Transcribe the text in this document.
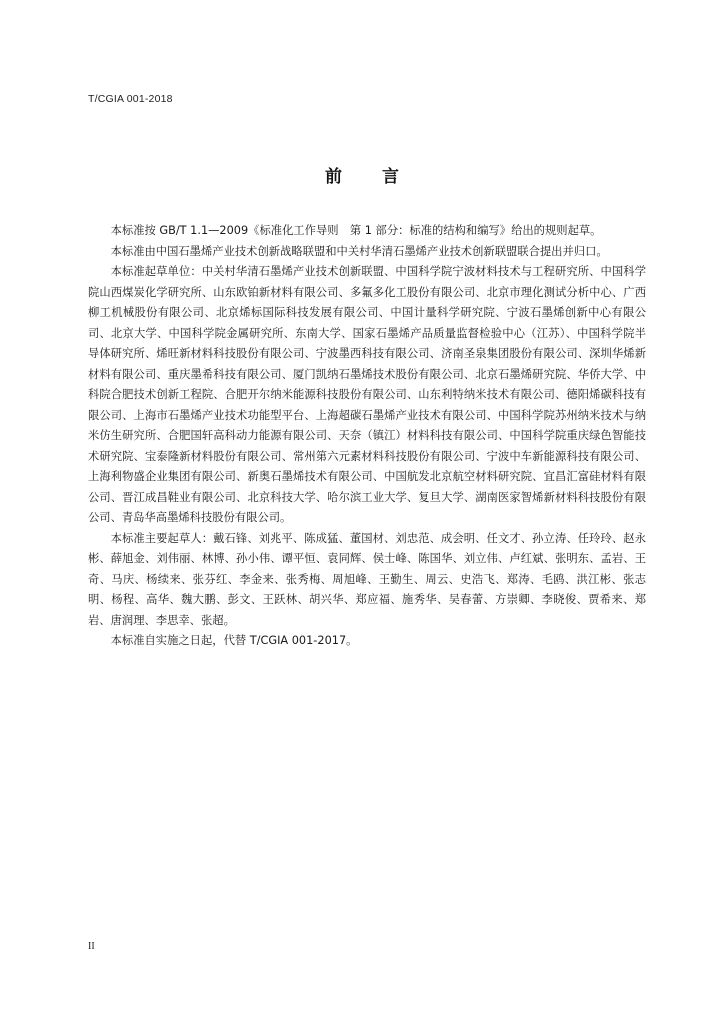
T/CGIA 001-2018
前言

本标准按 GB/T 1.1—2009《标准化工作导则　第 1 部分：标准的结构和编写》给出的规则起草。

本标准由中国石墨烯产业技术创新战略联盟和中关村华清石墨烯产业技术创新联盟联合提出并归口。

本标准起草单位：中关村华清石墨烯产业技术创新联盟、中国科学院宁波材料技术与工程研究所、中国科学院山西煤炭化学研究所、山东欧铂新材料有限公司、多氟多化工股份有限公司、北京市理化测试分析中心、广西柳工机械股份有限公司、北京烯标国际科技发展有限公司、中国计量科学研究院、宁波石墨烯创新中心有限公司、北京大学、中国科学院金属研究所、东南大学、国家石墨烯产品质量监督检验中心（江苏）、中国科学院半导体研究所、烯旺新材料科技股份有限公司、宁波墨西科技有限公司、济南圣泉集团股份有限公司、深圳华烯新材料有限公司、重庆墨希科技有限公司、厦门凯纳石墨烯技术股份有限公司、北京石墨烯研究院、华侨大学、中科院合肥技术创新工程院、合肥开尔纳米能源科技股份有限公司、山东利特纳米技术有限公司、德阳烯碳科技有限公司、上海市石墨烯产业技术功能型平台、上海超碳石墨烯产业技术有限公司、中国科学院苏州纳米技术与纳米仿生研究所、合肥国轩高科动力能源有限公司、天奈（镇江）材料科技有限公司、中国科学院重庆绿色智能技术研究院、宝泰隆新材料股份有限公司、常州第六元素材料科技股份有限公司、宁波中车新能源科技有限公司、上海利物盛企业集团有限公司、新奥石墨烯技术有限公司、中国航发北京航空材料研究院、宜昌汇富硅材料有限公司、晋江成昌鞋业有限公司、北京科技大学、哈尔滨工业大学、复旦大学、湖南医家智烯新材料科技股份有限公司、青岛华高墨烯科技股份有限公司。

本标准主要起草人：戴石锋、刘兆平、陈成猛、董国材、刘忠范、成会明、任文才、孙立涛、任玲玲、赵永彬、薛旭金、刘伟丽、林博、孙小伟、谭平恒、袁同辉、侯士峰、陈国华、刘立伟、卢红斌、张明东、孟岩、王奇、马庆、杨续来、张芬红、李金来、张秀梅、周旭峰、王勤生、周云、史浩飞、郑涛、毛鸥、洪江彬、张志明、杨程、高华、魏大鹏、彭文、王跃林、胡兴华、郑应福、施秀华、吴春蕾、方崇卿、李晓俊、贾希来、郑岩、唐润理、李思幸、张超。

本标准自实施之日起，代替 T/CGIA 001-2017。

II
